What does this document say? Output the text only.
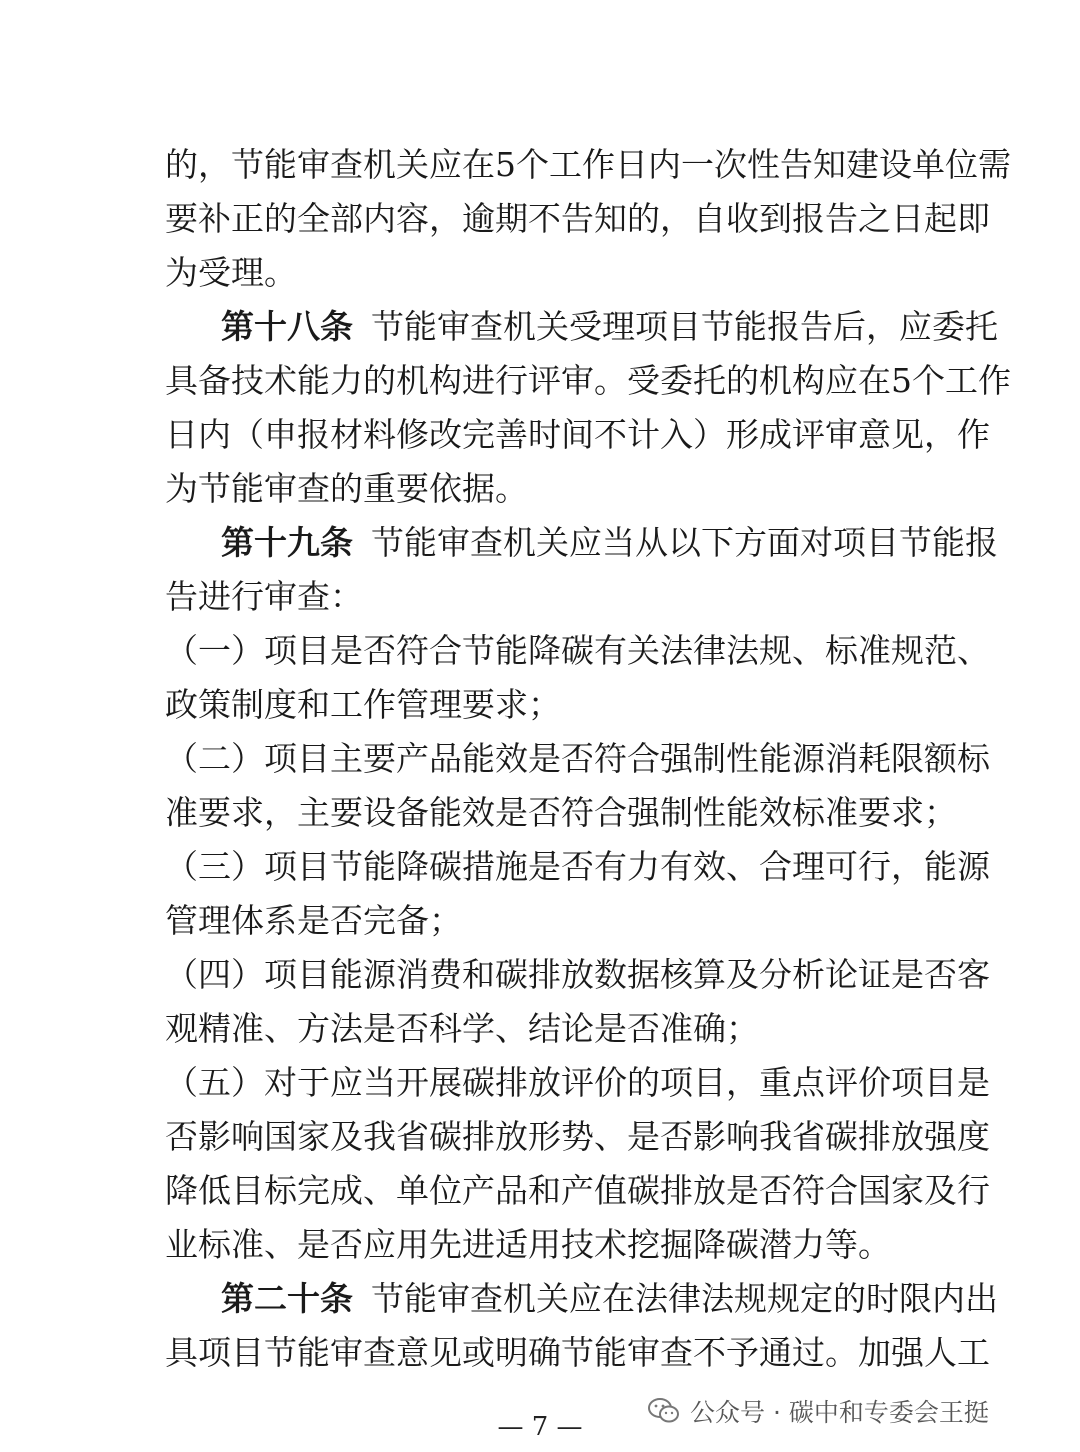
的，节能审查机关应在5个工作日内一次性告知建设单位需
要补正的全部内容，逾期不告知的，自收到报告之日起即
为受理。
第十八条 节能审查机关受理项目节能报告后，应委托
具备技术能力的机构进行评审。受委托的机构应在5个工作
日内（申报材料修改完善时间不计入）形成评审意见，作
为节能审查的重要依据。
第十九条 节能审查机关应当从以下方面对项目节能报
告进行审查：
（一）项目是否符合节能降碳有关法律法规、标准规范、
政策制度和工作管理要求；
（二）项目主要产品能效是否符合强制性能源消耗限额标
准要求，主要设备能效是否符合强制性能效标准要求；
（三）项目节能降碳措施是否有力有效、合理可行，能源
管理体系是否完备；
（四）项目能源消费和碳排放数据核算及分析论证是否客
观精准、方法是否科学、结论是否准确；
（五）对于应当开展碳排放评价的项目，重点评价项目是
否影响国家及我省碳排放形势、是否影响我省碳排放强度
降低目标完成、单位产品和产值碳排放是否符合国家及行
业标准、是否应用先进适用技术挖掘降碳潜力等。
第二十条 节能审查机关应在法律法规规定的时限内出
具项目节能审查意见或明确节能审查不予通过。加强人工
公众号 · 碳中和专委会王挺
— 7 —
